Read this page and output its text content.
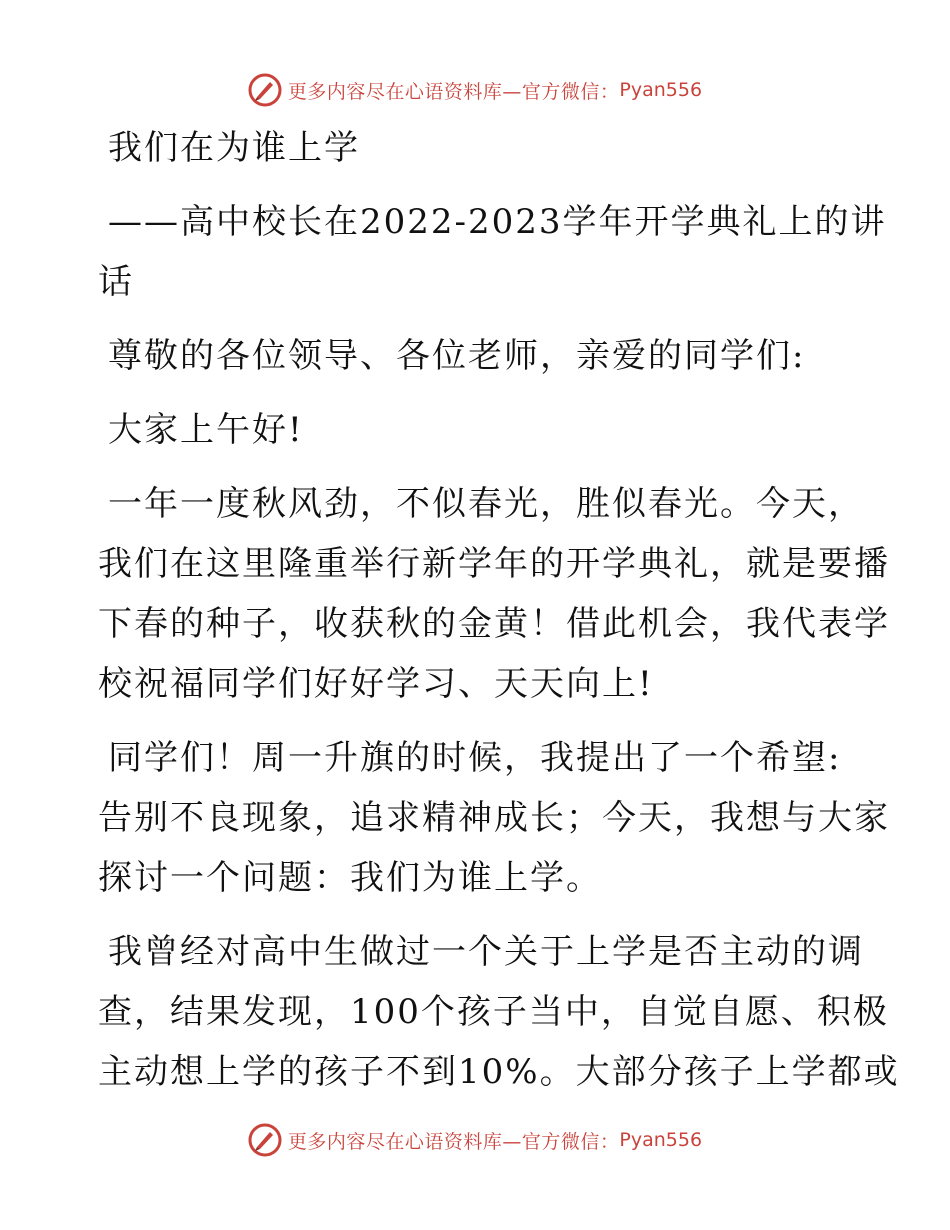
更多内容尽在心语资料库—官方微信： Pyan556
我们在为谁上学
——高中校长在2022-2023学年开学典礼上的讲
话
尊敬的各位领导、各位老师，亲爱的同学们:
大家上午好!
一年一度秋风劲，不似春光，胜似春光。今天，
我们在这里隆重举行新学年的开学典礼，就是要播
下春的种子，收获秋的金黄！借此机会，我代表学
校祝福同学们好好学习、天天向上!
同学们！周一升旗的时候，我提出了一个希望:
告别不良现象，追求精神成长；今天，我想与大家
探讨一个问题：我们为谁上学。
我曾经对高中生做过一个关于上学是否主动的调
查，结果发现，100个孩子当中，自觉自愿、积极
主动想上学的孩子不到10%。大部分孩子上学都或
更多内容尽在心语资料库—官方微信： Pyan556
